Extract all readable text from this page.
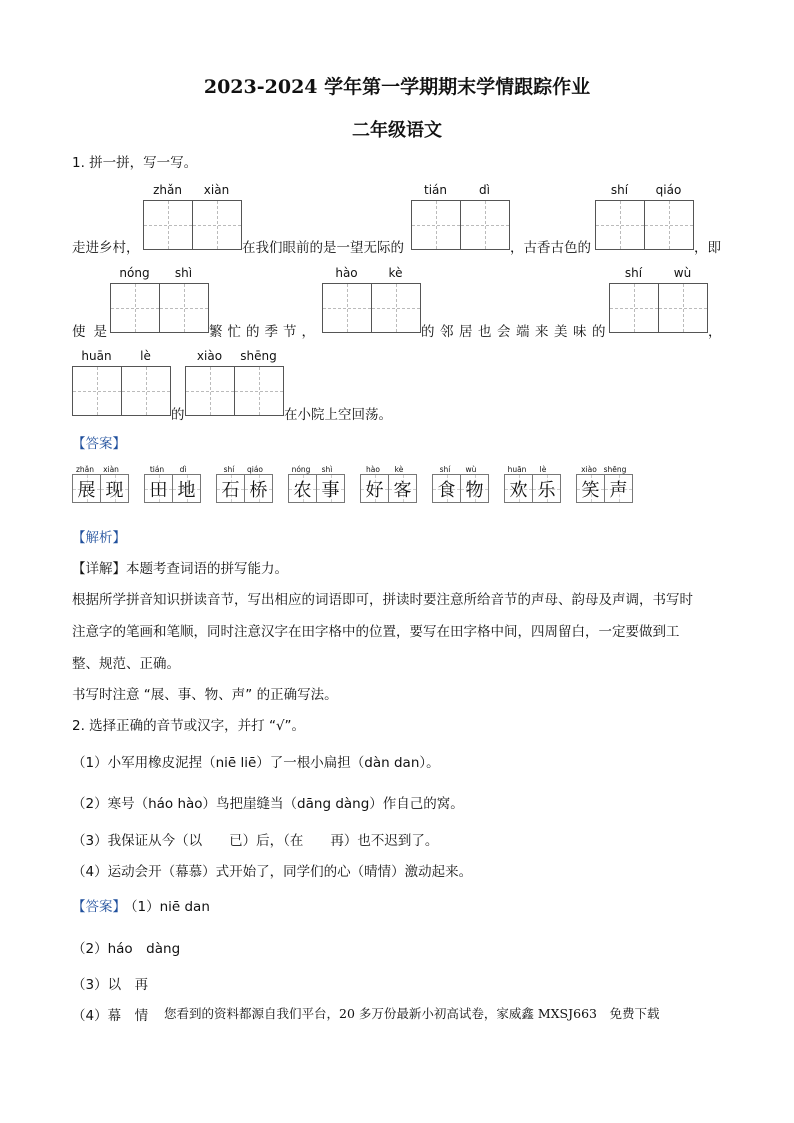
2023-2024 学年第一学期期末学情跟踪作业
二年级语文
1. 拼一拼，写一写。
zhǎn	xiàn	tián	dì	shí	qiáo
走进乡村，	在我们眼前的是一望无际的	，古香古色的	，即
nóng	shì	hào	kè	shí	wù
使是	繁忙的季节，	的邻居也会端来美味的	，
huān	lè	xiào	shēng
的	在小院上空回荡。
【答案】
zhǎn	xiàn
展 现
tián	dì
田 地
shí	qiáo
石 桥
nóng	shì
农 事
hào	kè
好 客
shí	wù
食 物
huān	lè
欢 乐
xiào shēng
笑 声
【解析】
【详解】本题考查词语的拼写能力。
根据所学拼音知识拼读音节，写出相应的词语即可，拼读时要注意所给音节的声母、韵母及声调，书写时
注意字的笔画和笔顺，同时注意汉字在田字格中的位置，要写在田字格中间，四周留白，一定要做到工
整、规范、正确。
书写时注意 “展、事、物、声” 的正确写法。
2. 选择正确的音节或汉字，并打 “√”。
（1）小军用橡皮泥捏（niē liē）了一根小扁担（dàn dan）。
（2）寒号（háo hào）鸟把崖缝当（dāng dàng）作自己的窝。
（3）我保证从今（以　　已）后，（在　　再）也不迟到了。
（4）运动会开（幕慕）式开始了，同学们的心（晴情）激动起来。
【答案】
（1）niē dan
（2）háo　dàng
（3）以　再
（4）幕　情 您看到的资料都源自我们平台，20 多万份最新小初高试卷，家威鑫 MXSJ663　免费下载
